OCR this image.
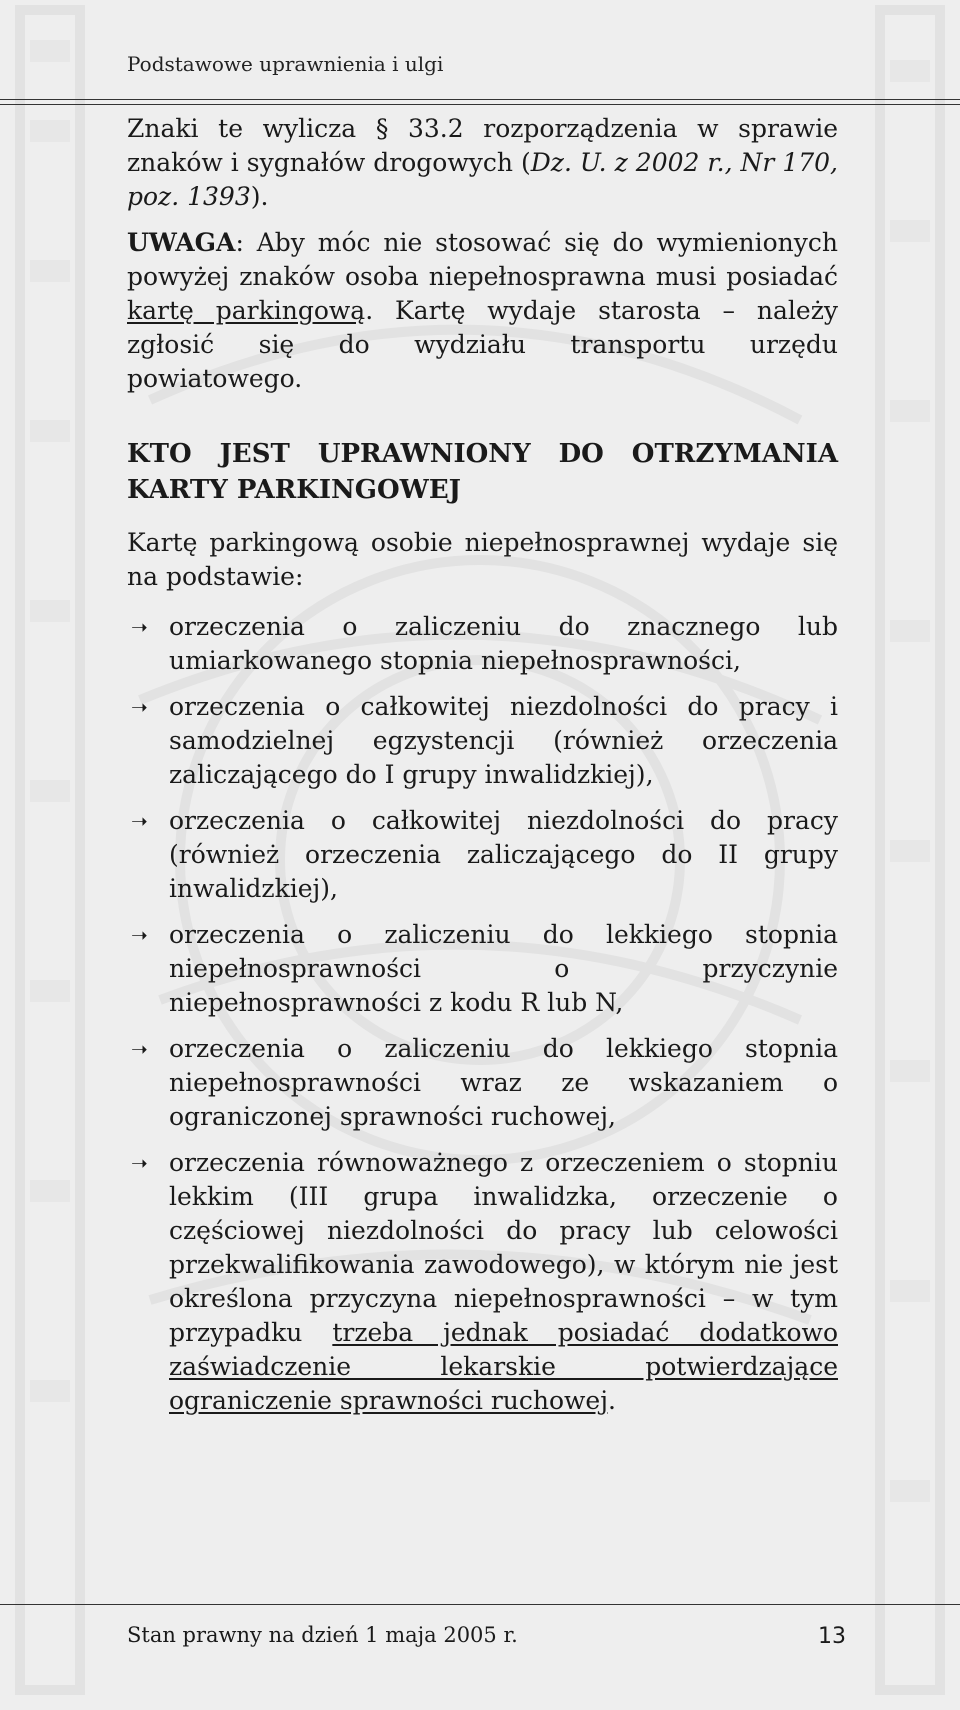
Podstawowe uprawnienia i ulgi

Znaki te wylicza § 33.2 rozporządzenia w sprawie znaków i sygnałów drogowych (Dz. U. z 2002 r., Nr 170, poz. 1393).

UWAGA: Aby móc nie stosować się do wymienionych powyżej znaków osoba niepełnosprawna musi posiadać kartę parkingową. Kartę wydaje starosta – należy zgłosić się do wydziału transportu urzędu powiatowego.

KTO JEST UPRAWNIONY DO OTRZYMANIA KARTY PARKINGOWEJ

Kartę parkingową osobie niepełnosprawnej wydaje się na podstawie:

➝ orzeczenia o zaliczeniu do znacznego lub umiarkowanego stopnia niepełnosprawności,
➝ orzeczenia o całkowitej niezdolności do pracy i samodzielnej egzystencji (również orzeczenia zaliczającego do I grupy inwalidzkiej),
➝ orzeczenia o całkowitej niezdolności do pracy (również orzeczenia zaliczającego do II grupy inwalidzkiej),
➝ orzeczenia o zaliczeniu do lekkiego stopnia niepełnosprawności o przyczynie niepełnosprawności z kodu R lub N,
➝ orzeczenia o zaliczeniu do lekkiego stopnia niepełnosprawności wraz ze wskazaniem o ograniczonej sprawności ruchowej,
➝ orzeczenia równoważnego z orzeczeniem o stopniu lekkim (III grupa inwalidzka, orzeczenie o częściowej niezdolności do pracy lub celowości przekwalifikowania zawodowego), w którym nie jest określona przyczyna niepełnosprawności – w tym przypadku trzeba jednak posiadać dodatkowo zaświadczenie lekarskie potwierdzające ograniczenie sprawności ruchowej.
Stan prawny na dzień 1 maja 2005 r.	13
